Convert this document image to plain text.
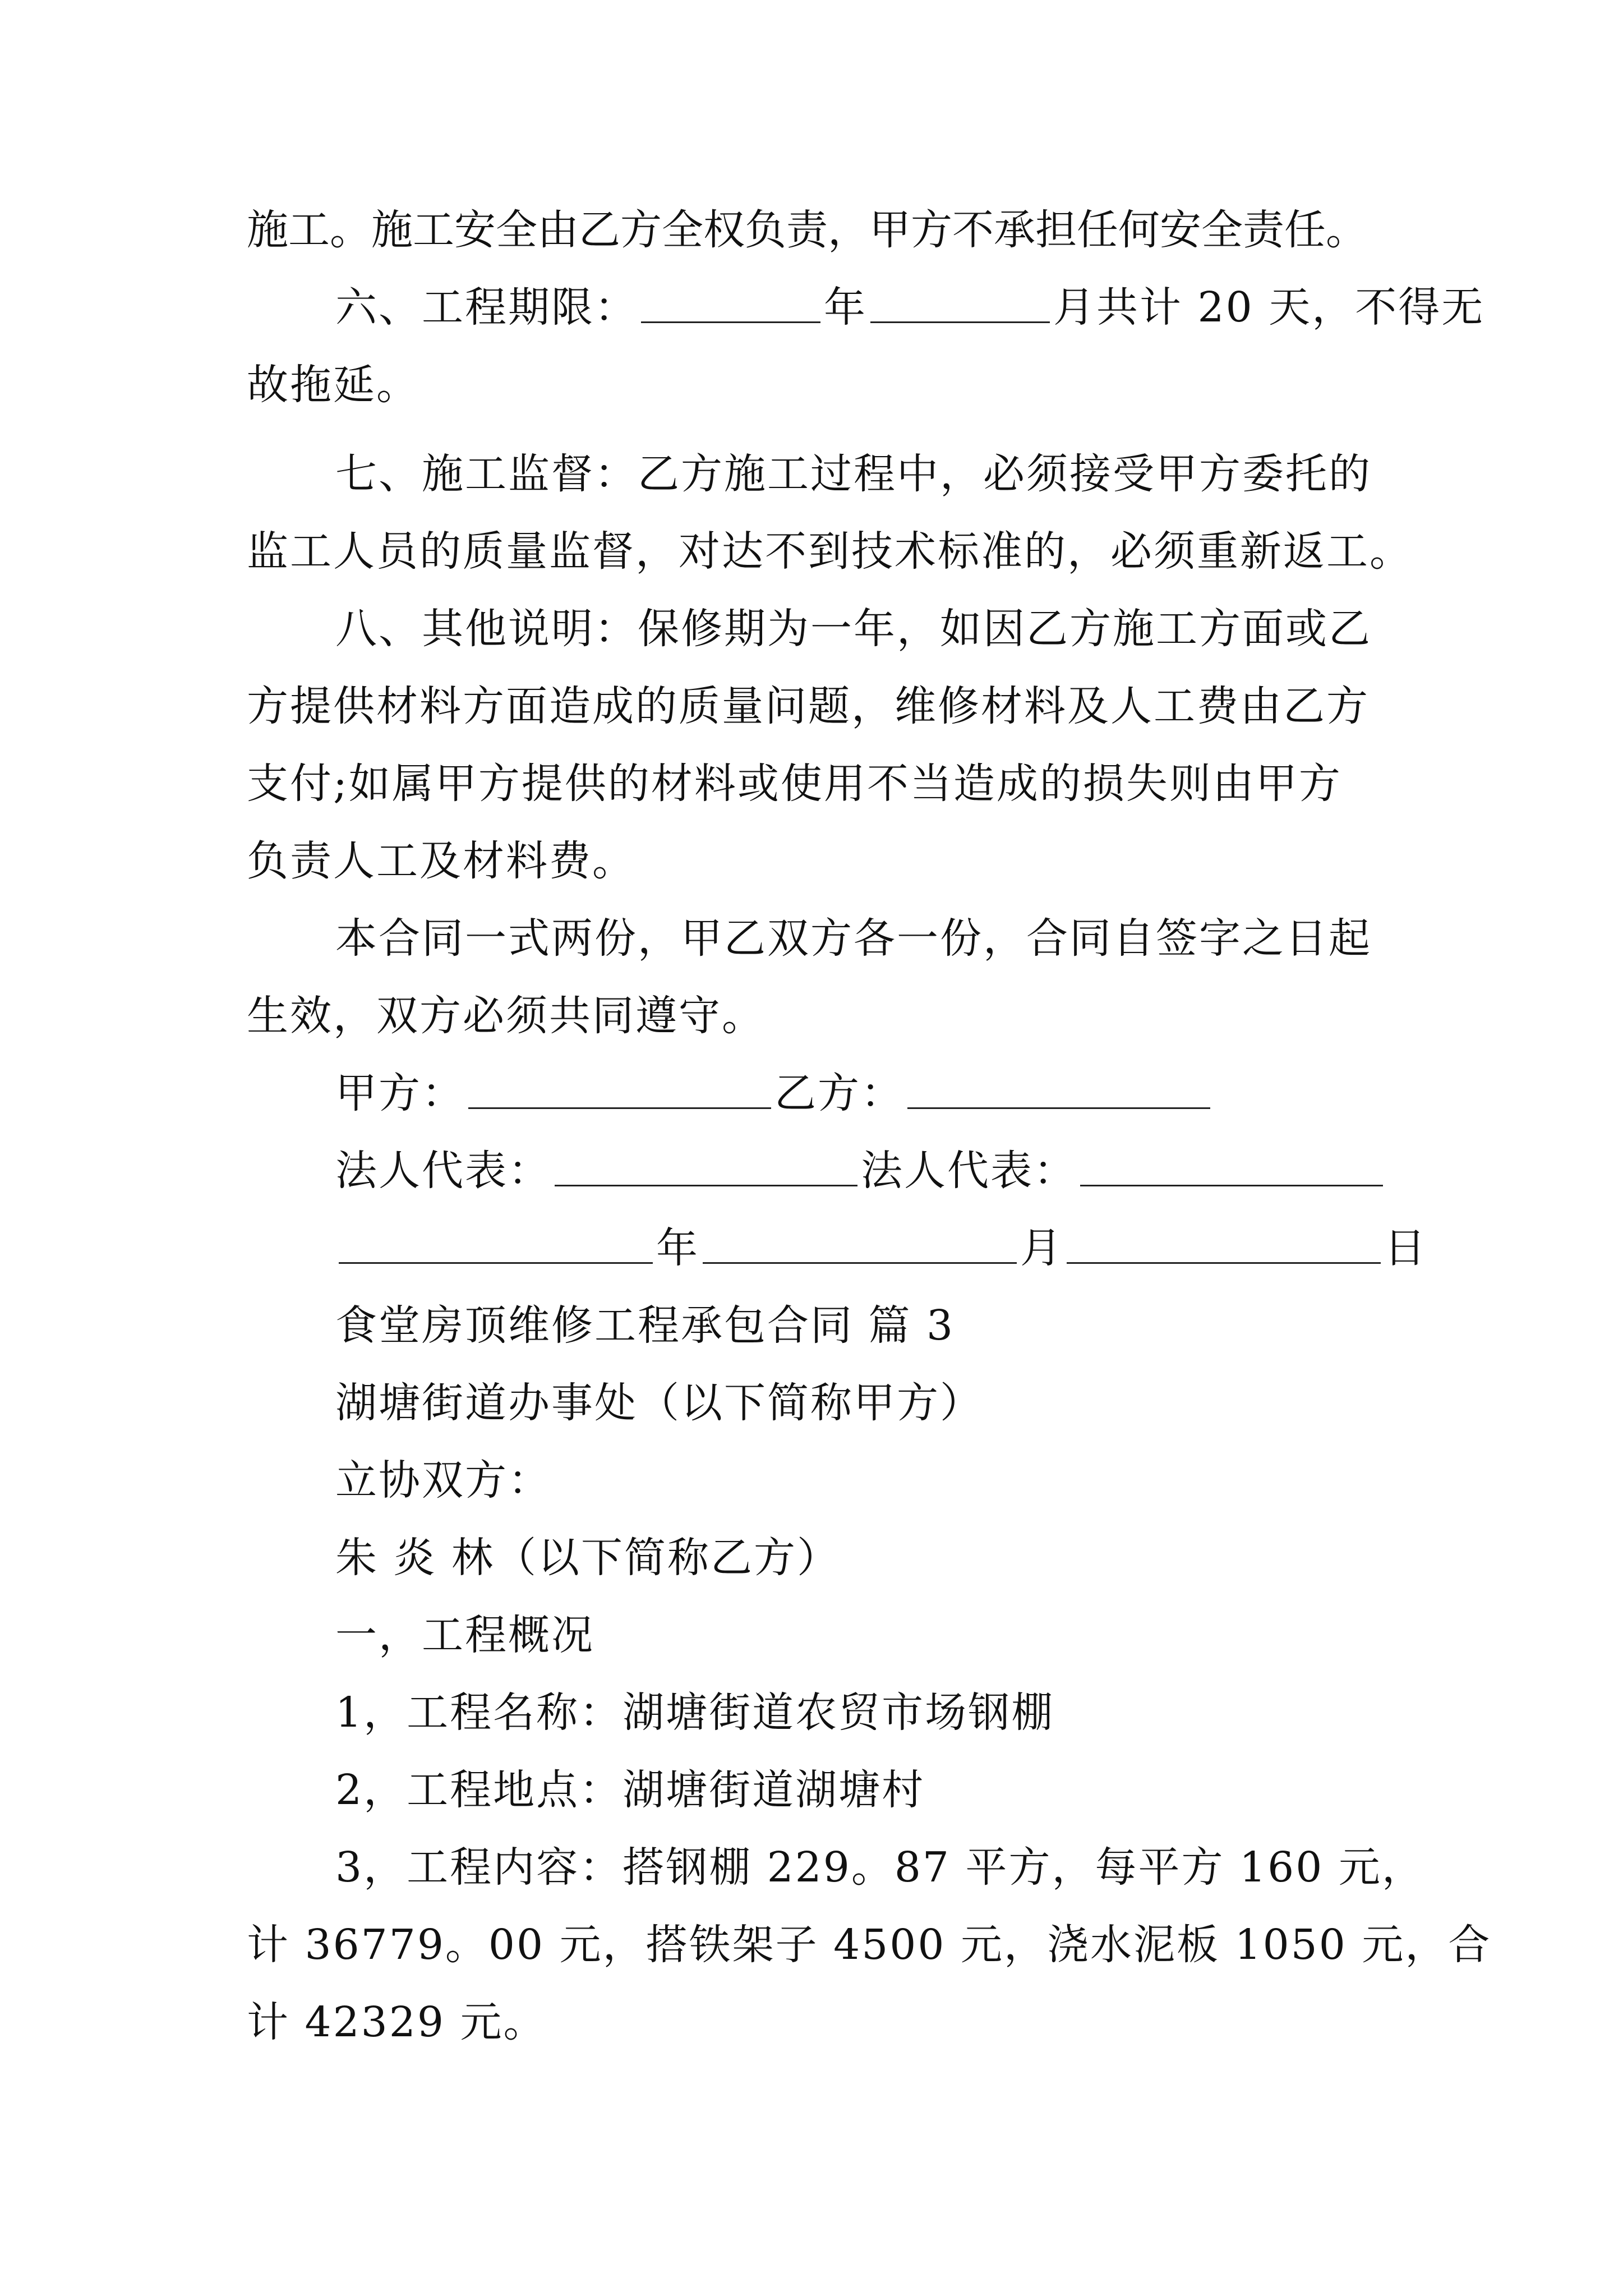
施工。施工安全由乙方全权负责，甲方不承担任何安全责任。
六、工程期限：	年	月共计 20 天，不得无
故拖延。
七、施工监督：乙方施工过程中，必须接受甲方委托的
监工人员的质量监督，对达不到技术标准的，必须重新返工。
八、其他说明：保修期为一年，如因乙方施工方面或乙
方提供材料方面造成的质量问题，维修材料及人工费由乙方
支付;如属甲方提供的材料或使用不当造成的损失则由甲方
负责人工及材料费。
本合同一式两份，甲乙双方各一份，合同自签字之日起
生效，双方必须共同遵守。
甲方：	乙方：
法人代表：	法人代表：
年	月	日
食堂房顶维修工程承包合同 篇 3
湖塘街道办事处（以下简称甲方）
立协双方：
朱 炎 林（以下简称乙方）
一，工程概况
1，工程名称：湖塘街道农贸市场钢棚
2，工程地点：湖塘街道湖塘村
3，工程内容：搭钢棚 229。87 平方，每平方 160 元，
计 36779。00 元，搭铁架子 4500 元，浇水泥板 1050 元，合
计 42329 元。
